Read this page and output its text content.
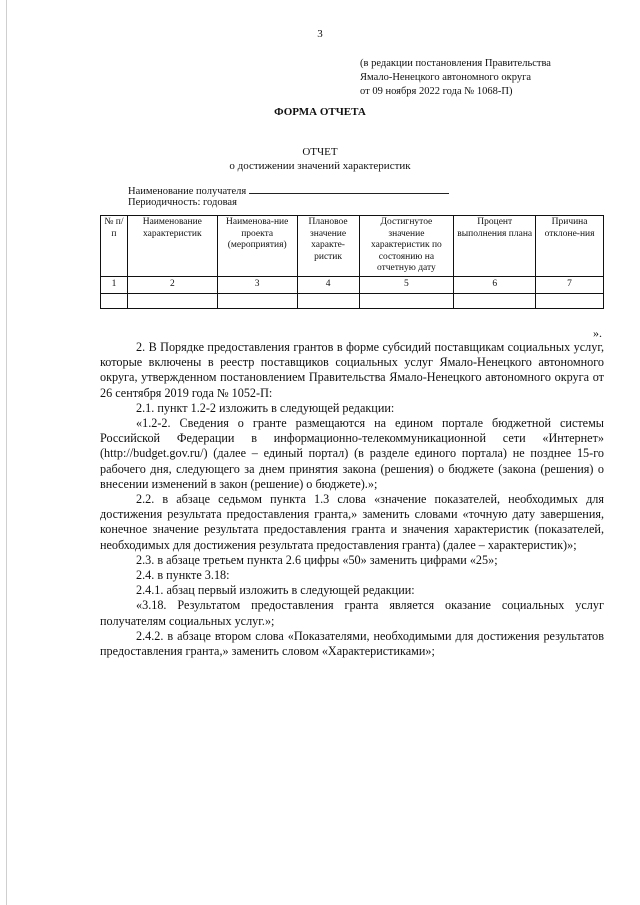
3
(в редакции постановления Правительства
Ямало-Ненецкого автономного округа
от 09 ноября 2022 года № 1068-П)
ФОРМА ОТЧЕТА
ОТЧЕТ
о достижении значений характеристик
Наименование получателя
Периодичность: годовая
№ п/п	Наименование характеристик	Наименова-ние проекта (мероприятия)	Плановое значение характе-ристик	Достигнутое значение характеристик по состоянию на отчетную дату	Процент выполнения плана	Причина отклоне-ния
1	2	3	4	5	6	7

».

2. В Порядке предоставления грантов в форме субсидий поставщикам социальных услуг, которые включены в реестр поставщиков социальных услуг Ямало-Ненецкого автономного округа, утвержденном постановлением Правительства Ямало-Ненецкого автономного округа от 26 сентября 2019 года № 1052-П:

2.1. пункт 1.2-2 изложить в следующей редакции:

«1.2-2. Сведения о гранте размещаются на едином портале бюджетной системы Российской Федерации в информационно-телекоммуникационной сети «Интернет» (http://budget.gov.ru/) (далее – единый портал) (в разделе единого портала) не позднее 15-го рабочего дня, следующего за днем принятия закона (решения) о бюджете (закона (решения) о внесении изменений в закон (решение) о бюджете).»;

2.2. в абзаце седьмом пункта 1.3 слова «значение показателей, необходимых для достижения результата предоставления гранта,» заменить словами «точную дату завершения, конечное значение результата предоставления гранта и значения характеристик (показателей, необходимых для достижения результата предоставления гранта) (далее – характеристик)»;

2.3. в абзаце третьем пункта 2.6 цифры «50» заменить цифрами «25»;

2.4. в пункте 3.18:

2.4.1. абзац первый изложить в следующей редакции:

«3.18. Результатом предоставления гранта является оказание социальных услуг получателям социальных услуг.»;

2.4.2. в абзаце втором слова «Показателями, необходимыми для достижения результатов предоставления гранта,» заменить словом «Характеристиками»;
